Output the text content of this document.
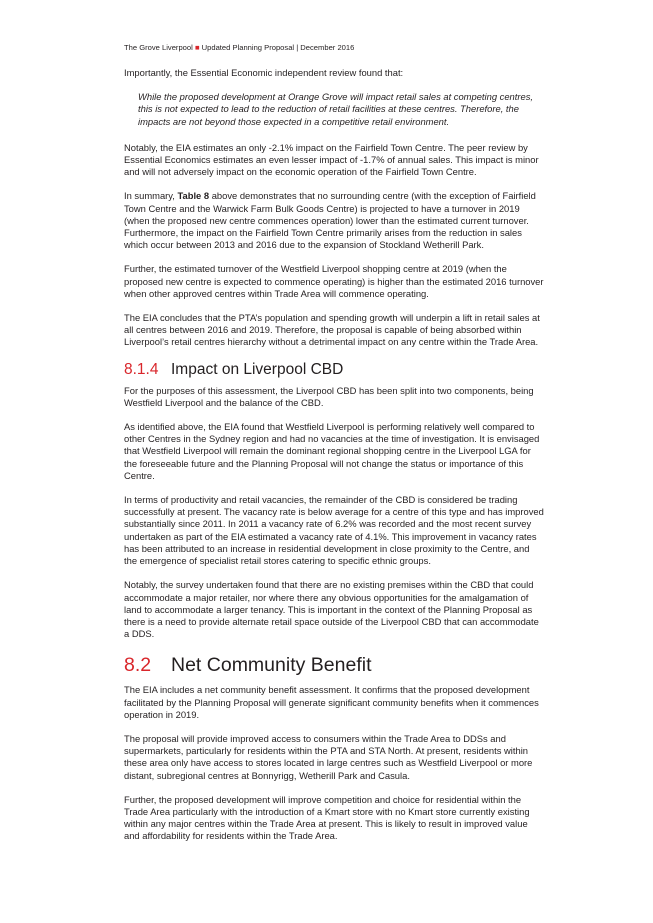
The Grove Liverpool ■ Updated Planning Proposal | December 2016

Importantly, the Essential Economic independent review found that:

While the proposed development at Orange Grove will impact retail sales at competing centres, this is not expected to lead to the reduction of retail facilities at these centres. Therefore, the impacts are not beyond those expected in a competitive retail environment.

Notably, the EIA estimates an only -2.1% impact on the Fairfield Town Centre. The peer review by Essential Economics estimates an even lesser impact of -1.7% of annual sales. This impact is minor and will not adversely impact on the economic operation of the Fairfield Town Centre.

In summary, Table 8 above demonstrates that no surrounding centre (with the exception of Fairfield Town Centre and the Warwick Farm Bulk Goods Centre) is projected to have a turnover in 2019 (when the proposed new centre commences operation) lower than the estimated current turnover. Furthermore, the impact on the Fairfield Town Centre primarily arises from the reduction in sales which occur between 2013 and 2016 due to the expansion of Stockland Wetherill Park.

Further, the estimated turnover of the Westfield Liverpool shopping centre at 2019 (when the proposed new centre is expected to commence operating) is higher than the estimated 2016 turnover when other approved centres within Trade Area will commence operating.

The EIA concludes that the PTA’s population and spending growth will underpin a lift in retail sales at all centres between 2016 and 2019. Therefore, the proposal is capable of being absorbed within Liverpool’s retail centres hierarchy without a detrimental impact on any centre within the Trade Area.

8.1.4 Impact on Liverpool CBD

For the purposes of this assessment, the Liverpool CBD has been split into two components, being Westfield Liverpool and the balance of the CBD.

As identified above, the EIA found that Westfield Liverpool is performing relatively well compared to other Centres in the Sydney region and had no vacancies at the time of investigation. It is envisaged that Westfield Liverpool will remain the dominant regional shopping centre in the Liverpool LGA for the foreseeable future and the Planning Proposal will not change the status or importance of this Centre.

In terms of productivity and retail vacancies, the remainder of the CBD is considered be trading successfully at present. The vacancy rate is below average for a centre of this type and has improved substantially since 2011. In 2011 a vacancy rate of 6.2% was recorded and the most recent survey undertaken as part of the EIA estimated a vacancy rate of 4.1%. This improvement in vacancy rates has been attributed to an increase in residential development in close proximity to the Centre, and the emergence of specialist retail stores catering to specific ethnic groups.

Notably, the survey undertaken found that there are no existing premises within the CBD that could accommodate a major retailer, nor where there any obvious opportunities for the amalgamation of land to accommodate a larger tenancy. This is important in the context of the Planning Proposal as there is a need to provide alternate retail space outside of the Liverpool CBD that can accommodate a DDS.

8.2 Net Community Benefit

The EIA includes a net community benefit assessment. It confirms that the proposed development facilitated by the Planning Proposal will generate significant community benefits when it commences operation in 2019.

The proposal will provide improved access to consumers within the Trade Area to DDSs and supermarkets, particularly for residents within the PTA and STA North. At present, residents within these area only have access to stores located in large centres such as Westfield Liverpool or more distant, subregional centres at Bonnyrigg, Wetherill Park and Casula.

Further, the proposed development will improve competition and choice for residential within the Trade Area particularly with the introduction of a Kmart store with no Kmart store currently existing within any major centres within the Trade Area at present. This is likely to result in improved value and affordability for residents within the Trade Area.
